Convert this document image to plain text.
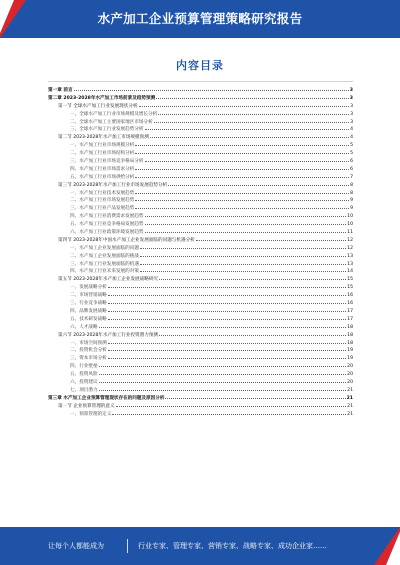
水产加工企业预算管理策略研究报告
内容目录
第一章 前言	3
第二章 2023-2028年水产加工市场前景及趋势预测	3
第一节 全球水产加工行业发展现状分析	3
一、全球水产加工行业市场规模及增长分析	3
二、全球水产加工主要国家地区市场分析	3
三、全球水产加工行业发展趋势分析	4
第二节 2023-2028年水产加工市场规模预测	4
一、水产加工行业市场规模分析	5
二、水产加工行业市场结构分析	5
三、水产加工行业市场竞争格局分析	6
四、水产加工行业市场需求分析	6
五、水产加工行业市场供给分析	7
第三节 2023-2028年水产加工行业市场发展趋势分析	8
一、水产加工行业技术发展趋势	8
二、水产加工行业市场发展趋势	9
三、水产加工行业产品发展趋势	9
四、水产加工行业消费需求发展趋势	10
五、水产加工行业竞争格局发展趋势	10
六、水产加工行业政策环境发展趋势	11
第四节 2023-2028年中国水产加工企业发展面临的问题与机遇分析	12
一、水产加工企业发展面临的问题	12
二、水产加工企业发展面临的挑战	13
三、水产加工行业发展面临的机遇	13
四、水产加工行业未来发展的对策	14
第五节 2023-2028年水产加工企业发展战略研究	15
一、发展战略分析	15
二、市场营销战略	16
三、行业竞争战略	16
四、品牌发展战略	17
五、技术研发战略	17
六、人才战略	18
第六节 2023-2028年水产加工行业投资潜力预测	18
一、市场空间预测	18
二、投资机会分析	19
三、资本市场分析	19
四、行业壁垒	20
五、投资风险	20
六、投资建议	20
七、项目潜力	21
第三章 水产加工企业预算管理现状存在的问题及原因分析	21
第一节 企业预算管理的意义	21
一、预算管理的定义	21
让每个人都能成为	行业专家、管理专家、营销专家、战略专家、成功企业家……
